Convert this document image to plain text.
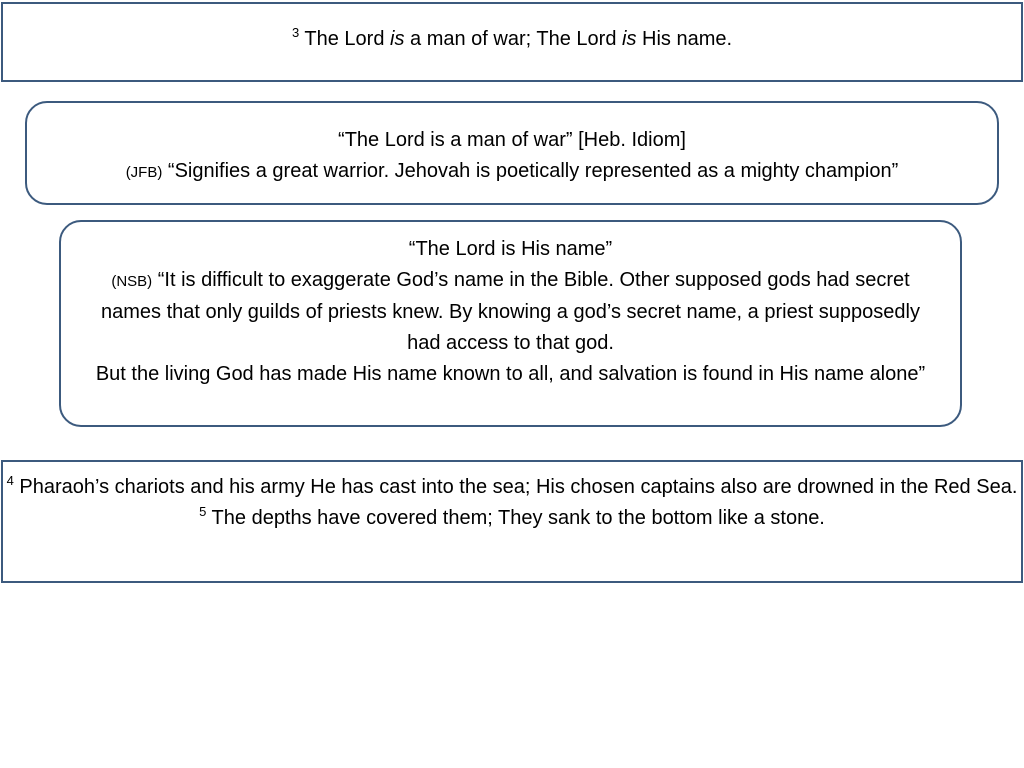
$^3$ The Lord is a man of war; The Lord is His name.
“The Lord is a man of war” [Heb. Idiom]
(JFB) “Signifies a great warrior. Jehovah is poetically represented as a mighty champion”
“The Lord is His name”
(NSB) “It is difficult to exaggerate God’s name in the Bible. Other supposed gods had secret names that only guilds of priests knew. By knowing a god’s secret name, a priest supposedly had access to that god.
But the living God has made His name known to all, and salvation is found in His name alone”
$^4$ Pharaoh’s chariots and his army He has cast into the sea; His chosen captains also are drowned in the Red Sea.
$^5$ The depths have covered them; They sank to the bottom like a stone.
